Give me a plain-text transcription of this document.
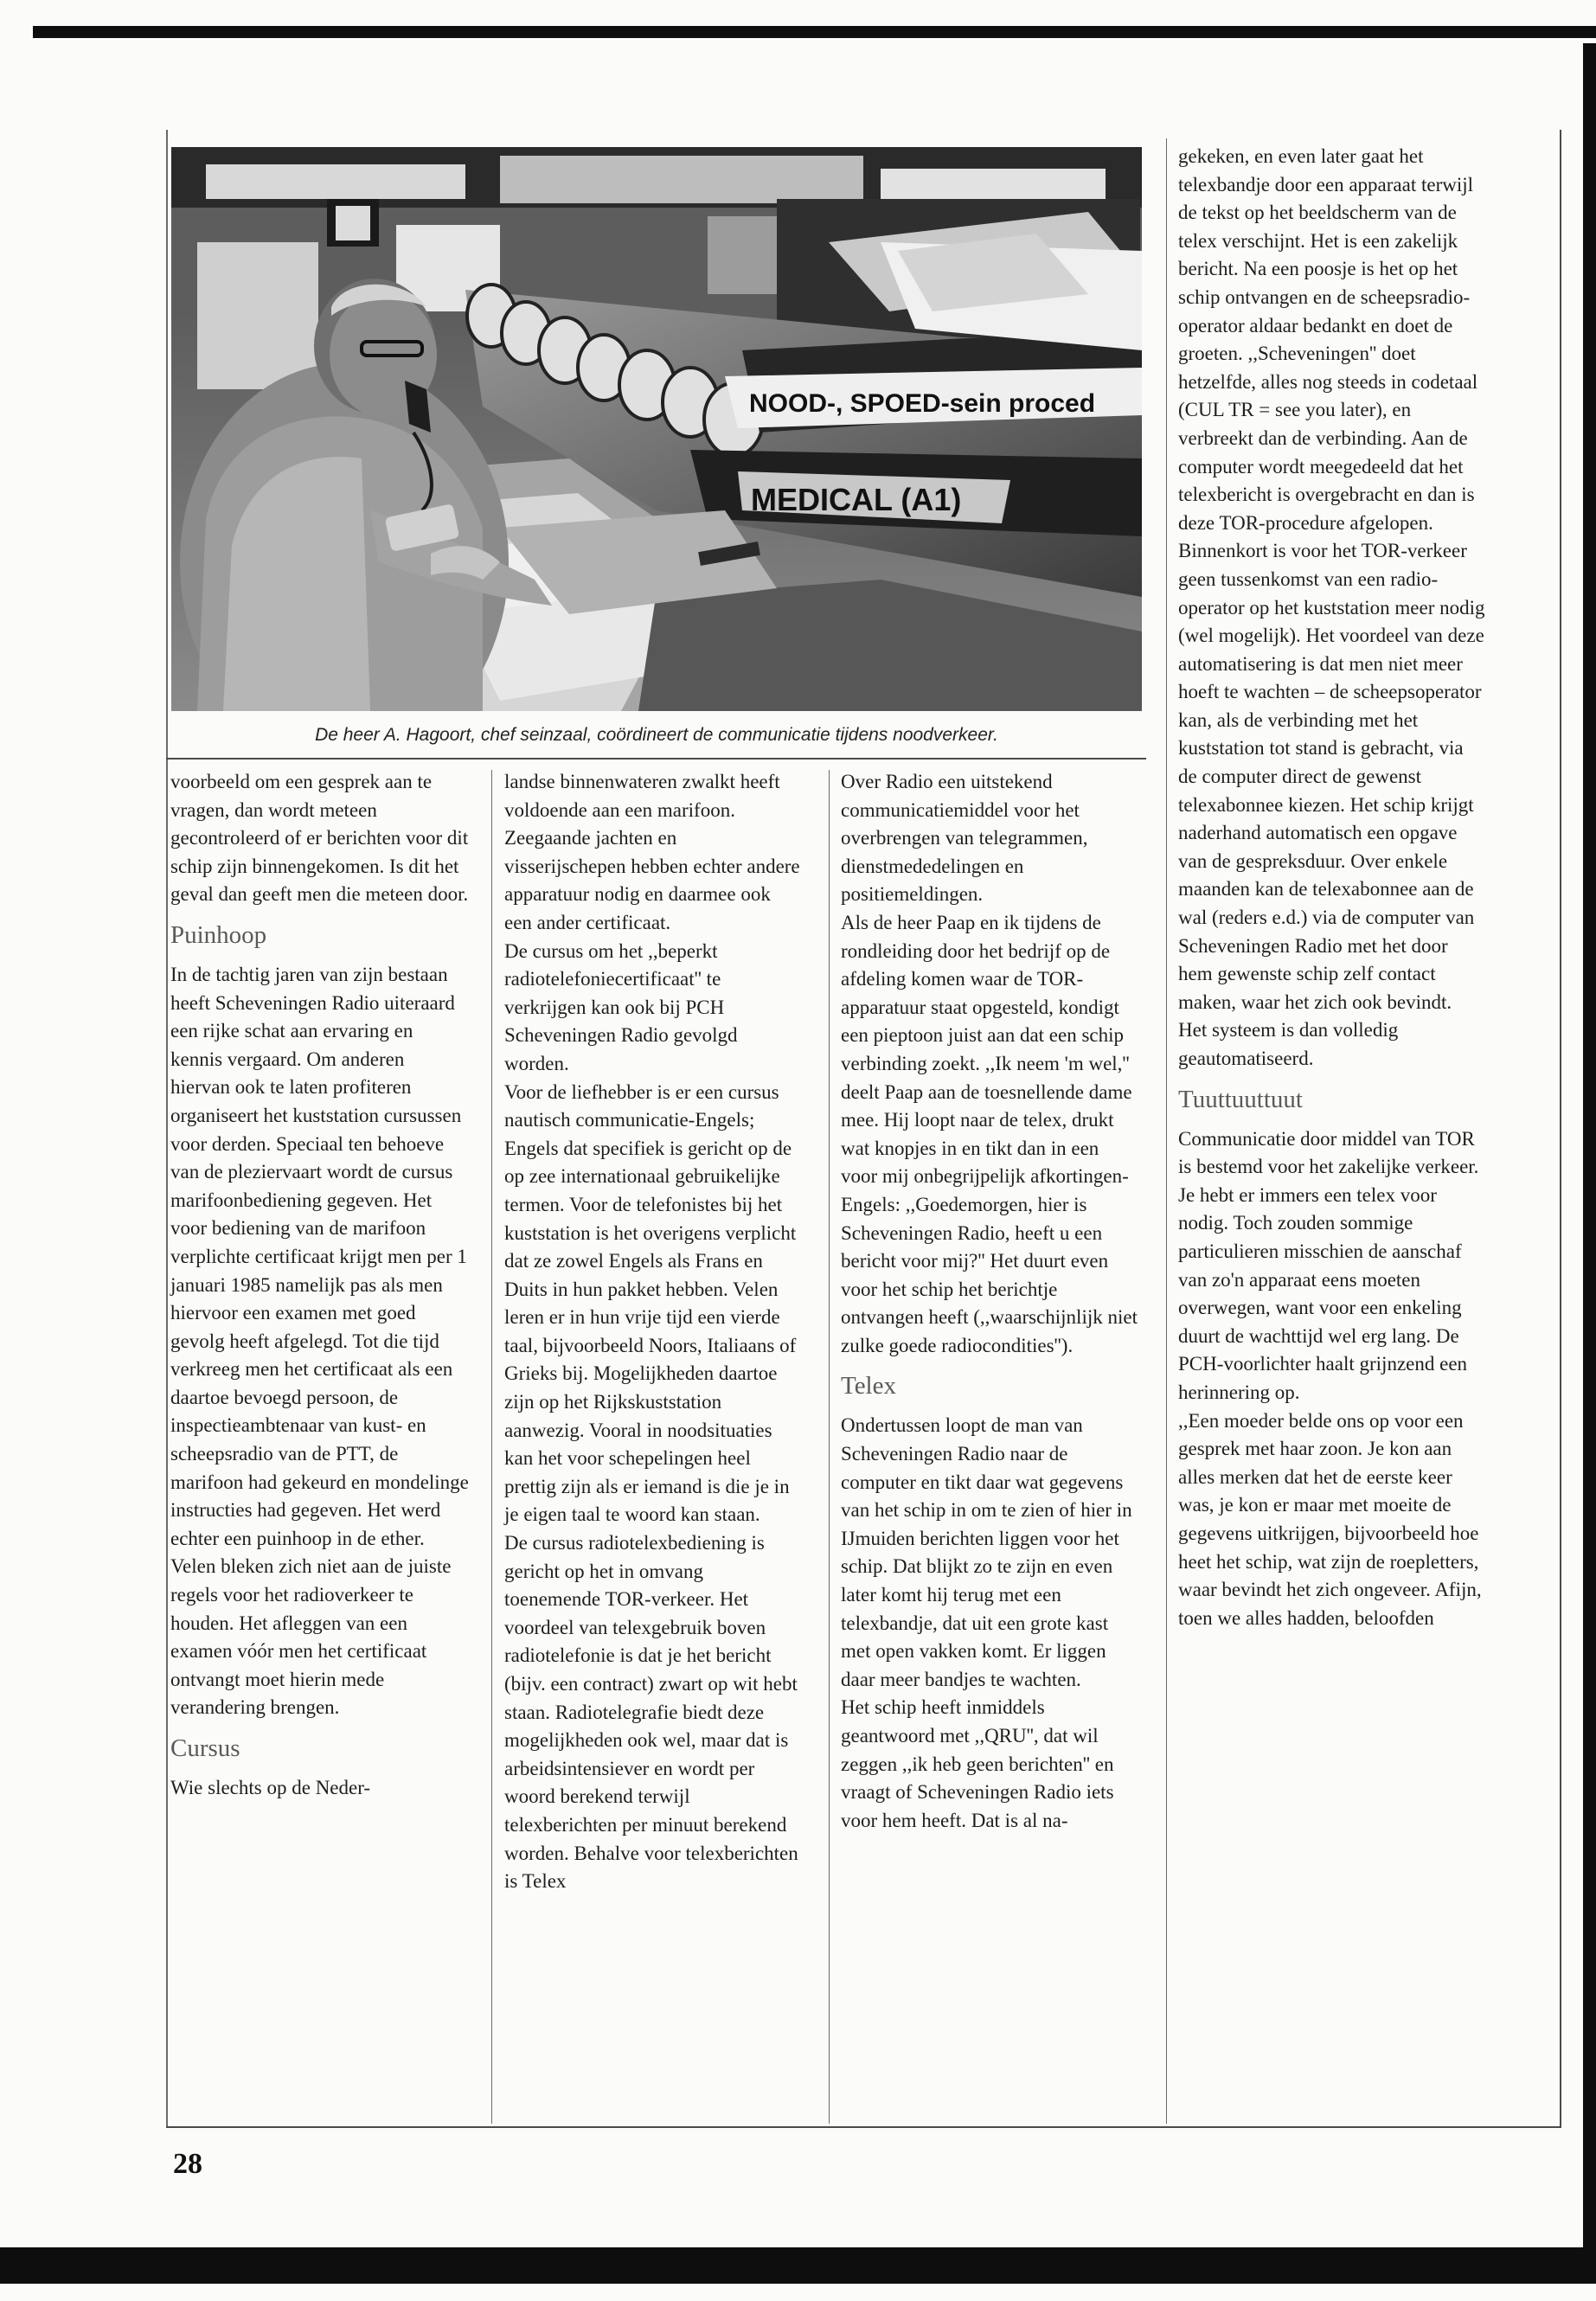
NOOD-, SPOED-sein proced
MEDICAL (A1)
De heer A. Hagoort, chef seinzaal, coördineert de communicatie tijdens noodverkeer.

voorbeeld om een gesprek aan te vragen, dan wordt meteen gecontroleerd of er berichten voor dit schip zijn binnengekomen. Is dit het geval dan geeft men die meteen door.

Puinhoop

In de tachtig jaren van zijn bestaan heeft Scheveningen Radio uiteraard een rijke schat aan ervaring en kennis vergaard. Om anderen hiervan ook te laten profiteren organiseert het kuststation cursussen voor derden. Speciaal ten behoeve van de pleziervaart wordt de cursus marifoonbediening gegeven. Het voor bediening van de marifoon verplichte certificaat krijgt men per 1 januari 1985 namelijk pas als men hiervoor een examen met goed gevolg heeft afgelegd. Tot die tijd verkreeg men het certificaat als een daartoe bevoegd persoon, de inspectieambtenaar van kust- en scheepsradio van de PTT, de marifoon had gekeurd en mondelinge instructies had gegeven. Het werd echter een puinhoop in de ether. Velen bleken zich niet aan de juiste regels voor het radioverkeer te houden. Het afleggen van een examen vóór men het certificaat ontvangt moet hierin mede verandering brengen.

Cursus

Wie slechts op de Neder-

landse binnenwateren zwalkt heeft voldoende aan een marifoon. Zeegaande jachten en visserijschepen hebben echter andere apparatuur nodig en daarmee ook een ander certificaat.

De cursus om het ,,beperkt radiotelefoniecertificaat'' te verkrijgen kan ook bij PCH Scheveningen Radio gevolgd worden.

Voor de liefhebber is er een cursus nautisch communicatie-Engels; Engels dat specifiek is gericht op de op zee internationaal gebruikelijke termen. Voor de telefonistes bij het kuststation is het overigens verplicht dat ze zowel Engels als Frans en Duits in hun pakket hebben. Velen leren er in hun vrije tijd een vierde taal, bijvoorbeeld Noors, Italiaans of Grieks bij. Mogelijkheden daartoe zijn op het Rijkskuststation aanwezig. Vooral in noodsituaties kan het voor schepelingen heel prettig zijn als er iemand is die je in je eigen taal te woord kan staan.

De cursus radiotelexbediening is gericht op het in omvang toenemende TOR-verkeer. Het voordeel van telexgebruik boven radiotelefonie is dat je het bericht (bijv. een contract) zwart op wit hebt staan. Radiotelegrafie biedt deze mogelijkheden ook wel, maar dat is arbeidsintensiever en wordt per woord berekend terwijl telexberichten per minuut berekend worden. Behalve voor telexberichten is Telex

Over Radio een uitstekend communicatiemiddel voor het overbrengen van telegrammen, dienstmededelingen en positiemeldingen.

Als de heer Paap en ik tijdens de rondleiding door het bedrijf op de afdeling komen waar de TOR-apparatuur staat opgesteld, kondigt een pieptoon juist aan dat een schip verbinding zoekt. ,,Ik neem 'm wel,'' deelt Paap aan de toesnellende dame mee. Hij loopt naar de telex, drukt wat knopjes in en tikt dan in een voor mij onbegrijpelijk afkortingen-Engels: ,,Goedemorgen, hier is Scheveningen Radio, heeft u een bericht voor mij?'' Het duurt even voor het schip het berichtje ontvangen heeft (,,waarschijnlijk niet zulke goede radiocondities'').

Telex

Ondertussen loopt de man van Scheveningen Radio naar de computer en tikt daar wat gegevens van het schip in om te zien of hier in IJmuiden berichten liggen voor het schip. Dat blijkt zo te zijn en even later komt hij terug met een telexbandje, dat uit een grote kast met open vakken komt. Er liggen daar meer bandjes te wachten.

Het schip heeft inmiddels geantwoord met ,,QRU'', dat wil zeggen ,,ik heb geen berichten'' en vraagt of Scheveningen Radio iets voor hem heeft. Dat is al na-

gekeken, en even later gaat het telexbandje door een apparaat terwijl de tekst op het beeldscherm van de telex verschijnt. Het is een zakelijk bericht. Na een poosje is het op het schip ontvangen en de scheepsradio-operator aldaar bedankt en doet de groeten. ,,Scheveningen'' doet hetzelfde, alles nog steeds in codetaal (CUL TR = see you later), en verbreekt dan de verbinding. Aan de computer wordt meegedeeld dat het telexbericht is overgebracht en dan is deze TOR-procedure afgelopen.

Binnenkort is voor het TOR-verkeer geen tussenkomst van een radio-operator op het kuststation meer nodig (wel mogelijk). Het voordeel van deze automatisering is dat men niet meer hoeft te wachten – de scheepsoperator kan, als de verbinding met het kuststation tot stand is gebracht, via de computer direct de gewenst telexabonnee kiezen. Het schip krijgt naderhand automatisch een opgave van de gespreksduur. Over enkele maanden kan de telexabonnee aan de wal (reders e.d.) via de computer van Scheveningen Radio met het door hem gewenste schip zelf contact maken, waar het zich ook bevindt. Het systeem is dan volledig geautomatiseerd.

Tuuttuuttuut

Communicatie door middel van TOR is bestemd voor het zakelijke verkeer. Je hebt er immers een telex voor nodig. Toch zouden sommige particulieren misschien de aanschaf van zo'n apparaat eens moeten overwegen, want voor een enkeling duurt de wachttijd wel erg lang. De PCH-voorlichter haalt grijnzend een herinnering op.

,,Een moeder belde ons op voor een gesprek met haar zoon. Je kon aan alles merken dat het de eerste keer was, je kon er maar met moeite de gegevens uitkrijgen, bijvoorbeeld hoe heet het schip, wat zijn de roepletters, waar bevindt het zich ongeveer. Afijn, toen we alles hadden, beloofden

28
